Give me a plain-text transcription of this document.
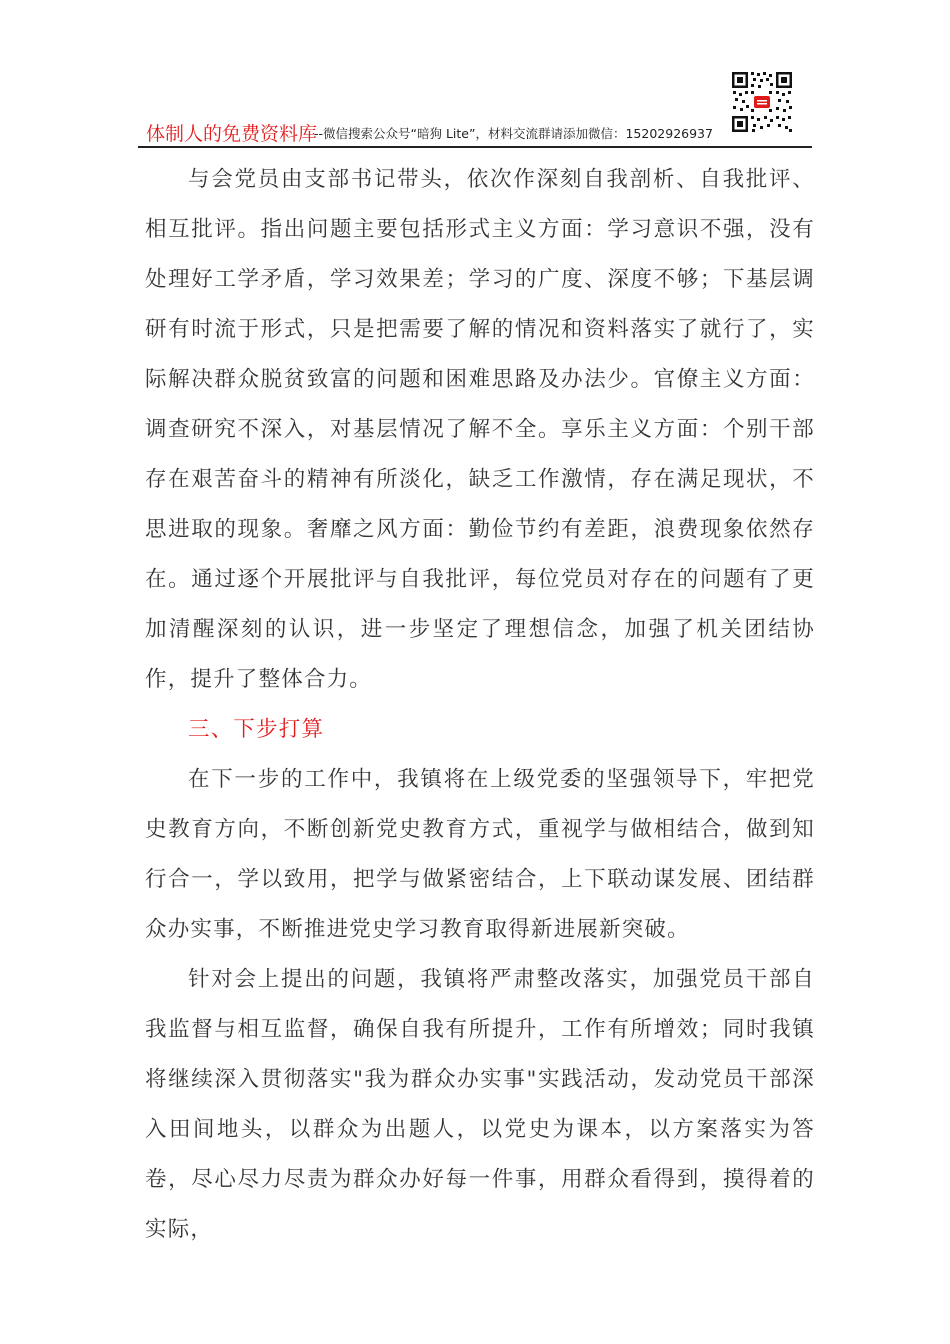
体制人的免费资料库
--微信搜索公众号“暗狗 Lite”，材料交流群请添加微信：15202926937

与会党员由支部书记带头，依次作深刻自我剖析、自我批评、相互批评。指出问题主要包括形式主义方面：学习意识不强，没有处理好工学矛盾，学习效果差；学习的广度、深度不够；下基层调研有时流于形式，只是把需要了解的情况和资料落实了就行了，实际解决群众脱贫致富的问题和困难思路及办法少。官僚主义方面：调查研究不深入，对基层情况了解不全。享乐主义方面：个别干部存在艰苦奋斗的精神有所淡化，缺乏工作激情，存在满足现状，不思进取的现象。奢靡之风方面：勤俭节约有差距，浪费现象依然存在。通过逐个开展批评与自我批评，每位党员对存在的问题有了更加清醒深刻的认识，进一步坚定了理想信念，加强了机关团结协作，提升了整体合力。

三、下步打算

在下一步的工作中，我镇将在上级党委的坚强领导下，牢把党史教育方向，不断创新党史教育方式，重视学与做相结合，做到知行合一，学以致用，把学与做紧密结合，上下联动谋发展、团结群众办实事，不断推进党史学习教育取得新进展新突破。

针对会上提出的问题，我镇将严肃整改落实，加强党员干部自我监督与相互监督，确保自我有所提升，工作有所增效；同时我镇将继续深入贯彻落实"我为群众办实事"实践活动，发动党员干部深入田间地头，以群众为出题人，以党史为课本，以方案落实为答卷，尽心尽力尽责为群众办好每一件事，用群众看得到，摸得着的实际，
